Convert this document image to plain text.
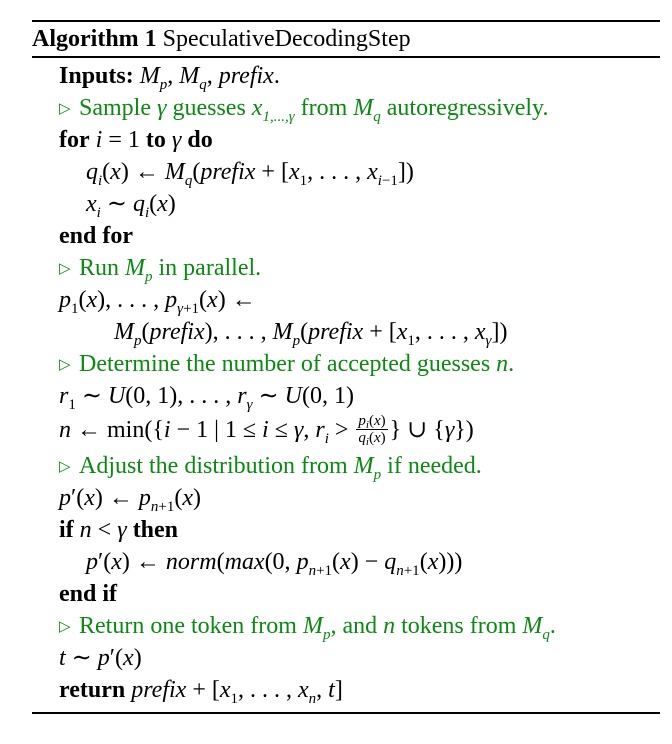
Algorithm 1 SpeculativeDecodingStep
Inputs: $M_p$, $M_q$, prefix.
▷ Sample γ guesses $x_{1,...,\gamma}$ from $M_q$ autoregressively.
for i = 1 to γ do
$q_i(x)$ ← $M_q(prefix + [x_1$, . . . , $x_{i-1}$])
$x_i$ ∼ $q_i(x)$
end for
▷ Run $M_p$ in parallel.
$p_1(x)$, . . . , $p_{\gamma+1}(x)$ ←
$M_p(prefix)$, . . . , $M_p(prefix + [x_1$, . . . , $x_\gamma$])
▷ Determine the number of accepted guesses n.
$r_1$ ∼ U(0, 1), . . . , $r_\gamma$ ∼ U(0, 1)
n ← min({i − 1 | 1 ≤ i ≤ γ, $r_i > \frac{p_i(x)}{q_i(x)}$ } ∪ {γ})
▷ Adjust the distribution from $M_p$ if needed.
p′(x) ← $p_{n+1}(x)$
if n < γ then
p′(x) ← norm(max(0, $p_{n+1}(x) - q_{n+1}(x)$))
end if
▷ Return one token from $M_p$, and n tokens from $M_q$.
t ∼ p′(x)
return prefix + [$x_1$, . . . , $x_n$, t]
